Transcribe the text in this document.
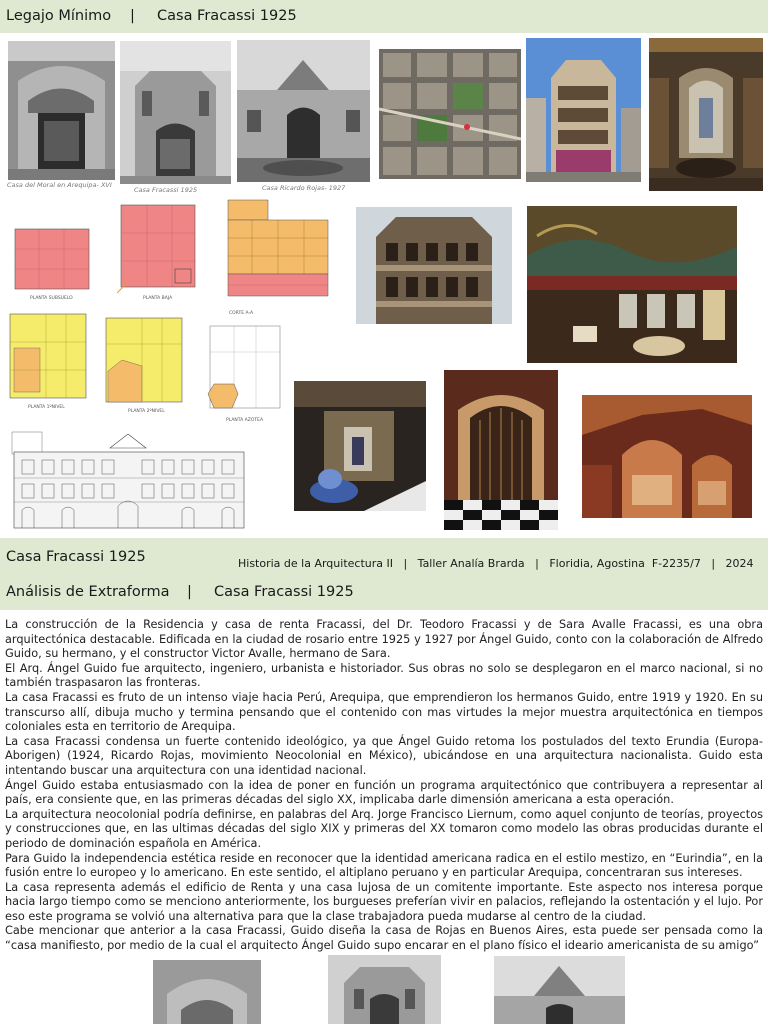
Legajo Mínimo | Casa Fracassi 1925
Casa del Moral en Arequipa- XVI
Casa Fracassi 1925	Casa Ricardo Rojas- 1927
PLANTA SUBSUELO	PLANTA BAJA
CORTE A-A
PLANTA 1ºNIVEL
PLANTA 2ºNIVEL
PLANTA AZOTEA
Casa Fracassi 1925	Historia de la Arquitectura II   |   Taller Analía Brarda   |   Floridia, Agostina  F-2235/7   |   2024
Análisis de Extraforma | Casa Fracassi 1925

La construcción de la Residencia y casa de renta Fracassi, del Dr. Teodoro Fracassi y de Sara Avalle Fracassi, es una obra arquitectónica destacable. Edificada en la ciudad de rosario entre 1925 y 1927 por Ángel Guido, conto con la colaboración de Alfredo Guido, su hermano, y el constructor Victor Avalle, hermano de Sara.

El Arq. Ángel Guido fue arquitecto, ingeniero, urbanista e historiador. Sus obras no solo se desplegaron en el marco nacional, si no también traspasaron las fronteras.

La casa Fracassi es fruto de un intenso viaje hacia Perú, Arequipa, que emprendieron los hermanos Guido, entre 1919 y 1920. En su transcurso allí, dibuja mucho y termina pensando que el contenido con mas virtudes la mejor muestra arquitectónica en tiempos coloniales esta en territorio de Arequipa.

La casa Fracassi condensa un fuerte contenido ideológico, ya que Ángel Guido retoma los postulados del texto Erundia (Europa-Aborigen) (1924, Ricardo Rojas, movimiento Neocolonial en México), ubicándose en una arquitectura nacionalista. Guido esta intentando buscar una arquitectura con una identidad nacional.

Ángel Guido estaba entusiasmado con la idea de poner en función un programa arquitectónico que contribuyera a representar al país, era consiente que, en las primeras décadas del siglo XX, implicaba darle dimensión americana a esta operación.

La arquitectura neocolonial podría definirse, en palabras del Arq. Jorge Francisco Liernum, como aquel conjunto de teorías, proyectos y construcciones que, en las ultimas décadas del siglo XIX y primeras del XX tomaron como modelo las obras producidas durante el periodo de dominación española en América.

Para Guido la independencia estética reside en reconocer que la identidad americana radica en el estilo mestizo, en “Eurindia”, en la fusión entre lo europeo y lo americano. En este sentido, el altiplano peruano y en particular Arequipa, concentraran sus intereses.

La casa representa además el edificio de Renta y una casa lujosa de un comitente importante. Este aspecto nos interesa porque hacia largo tiempo como se menciono anteriormente, los burgueses preferían vivir en palacios, reflejando la ostentación y el lujo. Por eso este programa se volvió una alternativa para que la clase trabajadora pueda mudarse al centro de la ciudad.

Cabe mencionar que anterior a la casa Fracassi, Guido diseña la casa de Rojas en Buenos Aires, esta puede ser pensada como la “casa manifiesto, por medio de la cual el arquitecto Ángel Guido supo encarar en el plano físico el ideario americanista de su amigo”
